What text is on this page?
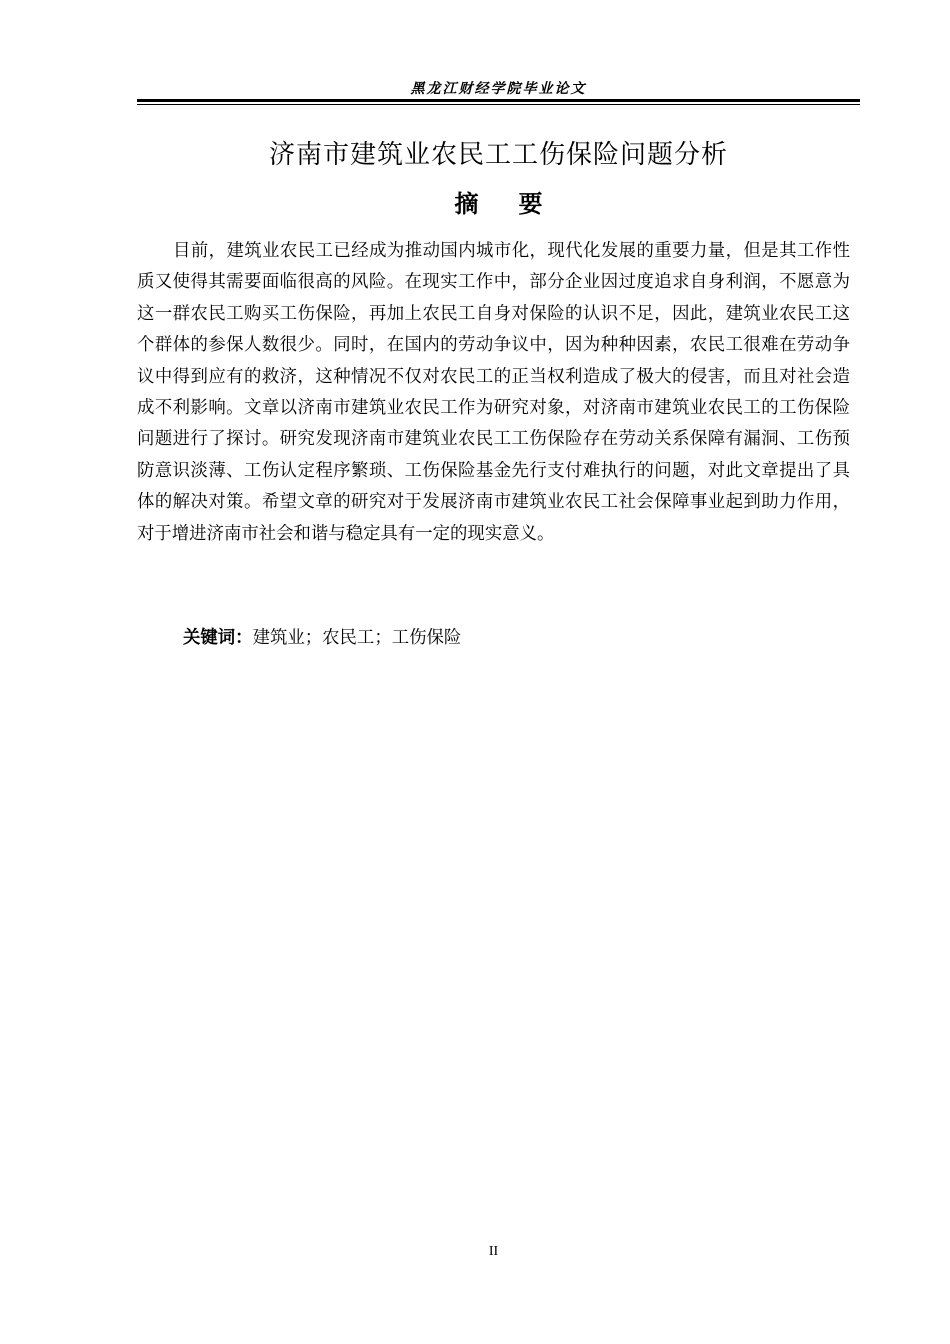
黑龙江财经学院毕业论文
济南市建筑业农民工工伤保险问题分析
摘要

目前，建筑业农民工已经成为推动国内城市化，现代化发展的重要力量，但是其工作性质又使得其需要面临很高的风险。在现实工作中，部分企业因过度追求自身利润，不愿意为这一群农民工购买工伤保险，再加上农民工自身对保险的认识不足，因此，建筑业农民工这个群体的参保人数很少。同时，在国内的劳动争议中，因为种种因素，农民工很难在劳动争议中得到应有的救济，这种情况不仅对农民工的正当权利造成了极大的侵害，而且对社会造成不利影响。文章以济南市建筑业农民工作为研究对象，对济南市建筑业农民工的工伤保险问题进行了探讨。研究发现济南市建筑业农民工工伤保险存在劳动关系保障有漏洞、工伤预防意识淡薄、工伤认定程序繁琐、工伤保险基金先行支付难执行的问题，对此文章提出了具体的解决对策。希望文章的研究对于发展济南市建筑业农民工社会保障事业起到助力作用，对于增进济南市社会和谐与稳定具有一定的现实意义。

关键词：建筑业；农民工；工伤保险
II
